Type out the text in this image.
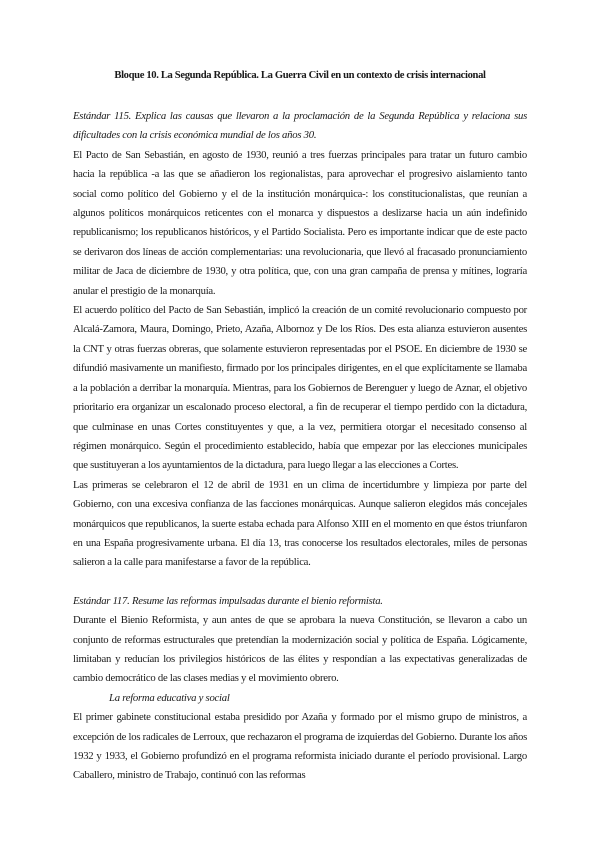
Bloque 10. La Segunda República. La Guerra Civil en un contexto de crisis internacional

Estándar 115. Explica las causas que llevaron a la proclamación de la Segunda República y relaciona sus dificultades con la crisis económica mundial de los años 30.

El Pacto de San Sebastián, en agosto de 1930, reunió a tres fuerzas principales para tratar un futuro cambio hacia la república -a las que se añadieron los regionalistas, para aprovechar el progresivo aislamiento tanto social como político del Gobierno y el de la institución monárquica-: los constitucionalistas, que reunían a algunos políticos monárquicos reticentes con el monarca y dispuestos a deslizarse hacia un aún indefinido republicanismo; los republicanos históricos, y el Partido Socialista. Pero es importante indicar que de este pacto se derivaron dos líneas de acción complementarias: una revolucionaria, que llevó al fracasado pronunciamiento militar de Jaca de diciembre de 1930, y otra política, que, con una gran campaña de prensa y mítines, lograría anular el prestigio de la monarquía.

El acuerdo político del Pacto de San Sebastián, implicó la creación de un comité revolucionario compuesto por Alcalá-Zamora, Maura, Domingo, Prieto, Azaña, Albornoz y De los Ríos. Des esta alianza estuvieron ausentes la CNT y otras fuerzas obreras, que solamente estuvieron representadas por el PSOE. En diciembre de 1930 se difundió masivamente un manifiesto, firmado por los principales dirigentes, en el que explícitamente se llamaba a la población a derribar la monarquía. Mientras, para los Gobiernos de Berenguer y luego de Aznar, el objetivo prioritario era organizar un escalonado proceso electoral, a fin de recuperar el tiempo perdido con la dictadura, que culminase en unas Cortes constituyentes y que, a la vez, permitiera otorgar el necesitado consenso al régimen monárquico. Según el procedimiento establecido, había que empezar por las elecciones municipales que sustituyeran a los ayuntamientos de la dictadura, para luego llegar a las elecciones a Cortes.

Las primeras se celebraron el 12 de abril de 1931 en un clima de incertidumbre y limpieza por parte del Gobierno, con una excesiva confianza de las facciones monárquicas. Aunque salieron elegidos más concejales monárquicos que republicanos, la suerte estaba echada para Alfonso XIII en el momento en que éstos triunfaron en una España progresivamente urbana. El día 13, tras conocerse los resultados electorales, miles de personas salieron a la calle para manifestarse a favor de la república.

Estándar 117. Resume las reformas impulsadas durante el bienio reformista.

Durante el Bienio Reformista, y aun antes de que se aprobara la nueva Constitución, se llevaron a cabo un conjunto de reformas estructurales que pretendían la modernización social y política de España. Lógicamente, limitaban y reducían los privilegios históricos de las élites y respondían a las expectativas generalizadas de cambio democrático de las clases medias y el movimiento obrero.

La reforma educativa y social

El primer gabinete constitucional estaba presidido por Azaña y formado por el mismo grupo de ministros, a excepción de los radicales de Lerroux, que rechazaron el programa de izquierdas del Gobierno. Durante los años 1932 y 1933, el Gobierno profundizó en el programa reformista iniciado durante el período provisional. Largo Caballero, ministro de Trabajo, continuó con las reformas
